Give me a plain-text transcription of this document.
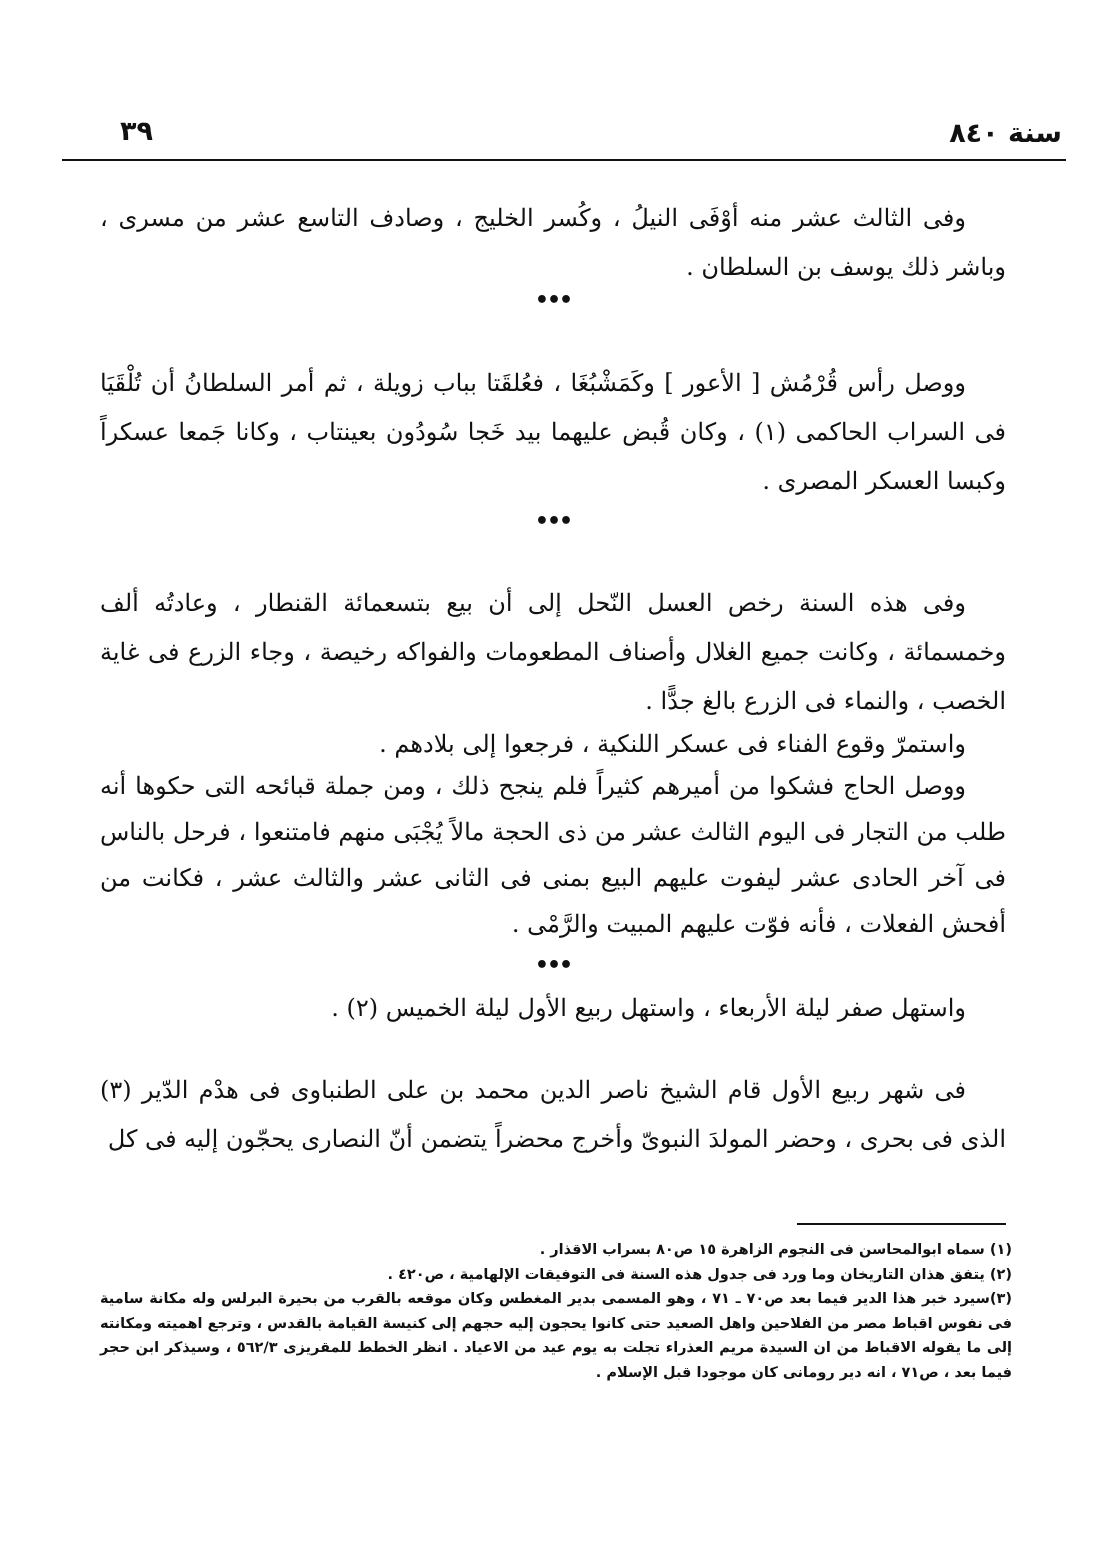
سنة ٨٤٠
٣٩

وفى الثالث عشر منه أوْفَى النيلُ ، وكُسر الخليج ، وصادف التاسع عشر من مسرى ، وباشر ذلك يوسف بن السلطان .

•••

ووصل رأس قُرْمُش [ الأعور ] وكَمَشْبُغَا ، فعُلقَتا بباب زويلة ، ثم أمر السلطانُ أن تُلْقَيَا فى السراب الحاكمى (١) ، وكان قُبض عليهما بيد خَجا سُودُون بعينتاب ، وكانا جَمعا عسكراً وكبسا العسكر المصرى .

•••

وفى هذه السنة رخص العسل النّحل إلى أن بيع بتسعمائة القنطار ، وعادتُه ألف وخمسمائة ، وكانت جميع الغلال وأصناف المطعومات والفواكه رخيصة ، وجاء الزرع فى غاية الخصب ، والنماء فى الزرع بالغ جدًّا .

واستمرّ وقوع الفناء فى عسكر اللنكية ، فرجعوا إلى بلادهم .

ووصل الحاج فشكوا من أميرهم كثيراً فلم ينجح ذلك ، ومن جملة قبائحه التى حكوها أنه طلب من التجار فى اليوم الثالث عشر من ذى الحجة مالاً يُجْبَى منهم فامتنعوا ، فرحل بالناس فى آخر الحادى عشر ليفوت عليهم البيع بمنى فى الثانى عشر والثالث عشر ، فكانت من أفحش الفعلات ، فأنه فوّت عليهم المبيت والرَّمْى .

•••

واستهل صفر ليلة الأربعاء ، واستهل ربيع الأول ليلة الخميس (٢) .

فى شهر ربيع الأول قام الشيخ ناصر الدين محمد بن على الطنباوى فى هدْم الدّير (٣) الذى فى بحرى ، وحضر المولدَ النبوىّ وأخرج محضراً يتضمن أنّ النصارى يحجّون إليه فى كل

(١) سماه ابوالمحاسن فى النجوم الزاهرة ١٥ ص٨٠ بسراب الاقذار .

(٢) يتفق هذان التاريخان وما ورد فى جدول هذه السنة فى التوفيقات الإلهامية ، ص٤٢٠ .

(٣)سيرد خبر هذا الدير فيما بعد ص٧٠ ـ ٧١ ، وهو المسمى بدير المغطس وكان موقعه بالقرب من بحيرة البرلس وله مكانة سامية فى نفوس اقباط مصر من الفلاحين واهل الصعيد حتى كانوا يحجون إليه حجهم إلى كنيسة القيامة بالقدس ، وترجع اهميته ومكانته إلى ما يقوله الاقباط من ان السيدة مريم العذراء تجلت به يوم عيد من الاعياد . انظر الخطط للمقريزى ٥٦٢/٣ ، وسيذكر ابن حجر فيما بعد ، ص٧١ ، انه دير رومانى كان موجودا قبل الإسلام .
